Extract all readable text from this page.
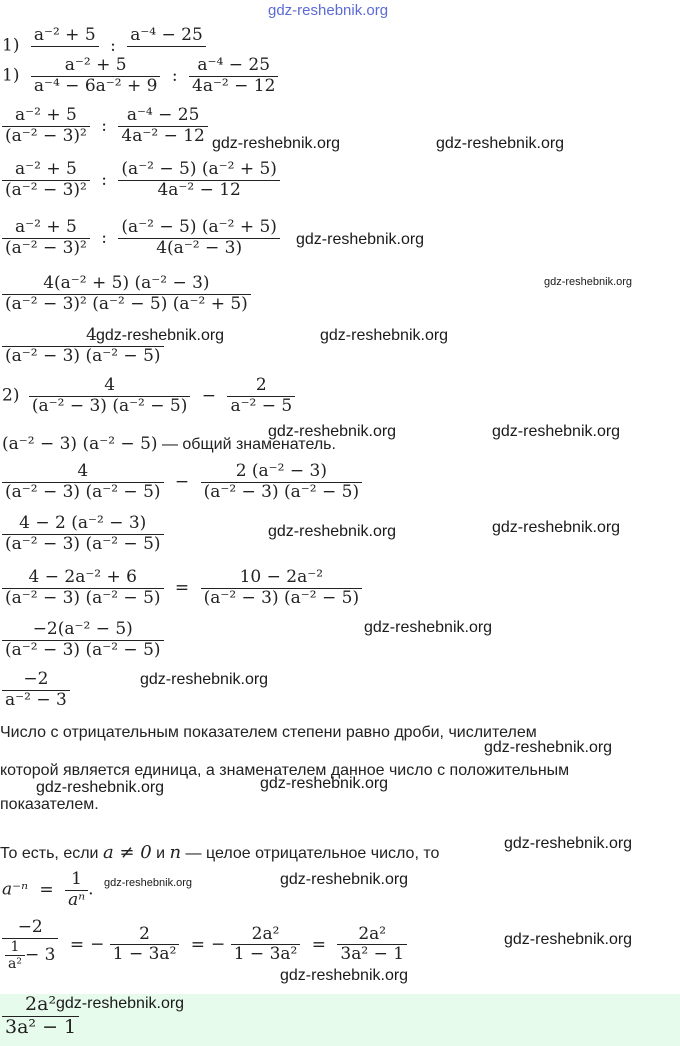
gdz-reshebnik.org
1)
a⁻² + 5

:
a⁻⁴ − 25

$1) \frac{\text{a⁻² + 5}}{\text{a⁻⁴ − 6a⁻² + 9}}$ : $\frac{\text{a⁻⁴ − 25}}{\text{4a⁻² − 12}}$
$\frac{\text{a⁻² + 5}}{\text{(a⁻² − 3)²}}$ : $\frac{\text{a⁻⁴ − 25}}{\text{4a⁻² − 12}}$ gdz-reshebnik.org	gdz-reshebnik.org
$\frac{\text{a⁻² + 5}}{\text{(a⁻² − 3)²}}$ : $\frac{\text{(a⁻² − 5) (a⁻² + 5)}}{\text{4a⁻² − 12}}$
$\frac{\text{a⁻² + 5}}{\text{(a⁻² − 3)²}}$ : $\frac{\text{(a⁻² − 5) (a⁻² + 5)}}{\text{4(a⁻² − 3)}}$ gdz-reshebnik.org
gdz-reshebnik.org
$\frac{\text{4(a⁻² + 5) (a⁻² − 3)}}{\text{(a⁻² − 3)² (a⁻² − 5) (a⁻² + 5)}}$
$\frac{4}{\text{(a⁻² − 3) (a⁻² − 5)}}$
gdz-reshebnik.org	gdz-reshebnik.org
$2) \frac{4}{\text{(a⁻² − 3) (a⁻² − 5)}} - \frac{2}{\text{a⁻² − 5}}$
gdz-reshebnik.org	gdz-reshebnik.org
(a⁻² − 3) (a⁻² − 5) — общий знаменатель.
$\frac{4}{\text{(a⁻² − 3) (a⁻² − 5)}} - \frac{\text{2 (a⁻² − 3)}}{\text{(a⁻² − 3) (a⁻² − 5)}}$
$\frac{\text{4 − 2 (a⁻² − 3)}}{\text{(a⁻² − 3) (a⁻² − 5)}}$	gdz-reshebnik.org	gdz-reshebnik.org
$\frac{\text{4 − 2a⁻² + 6}}{\text{(a⁻² − 3) (a⁻² − 5)}} = \frac{\text{10 − 2a⁻²}}{\text{(a⁻² − 3) (a⁻² − 5)}}$
gdz-reshebnik.org
$\frac{\text{−2(a⁻² − 5)}}{\text{(a⁻² − 3) (a⁻² − 5)}}$
$\frac{-2}{\text{a⁻² − 3}}$	gdz-reshebnik.org
Число с отрицательным показателем степени равно дроби, числителем
gdz-reshebnik.org
которой является единица, а знаменателем данное число с положительным
gdz-reshebnik.org	gdz-reshebnik.org
показателем.
То есть, если a ≠ 0 и n — целое отрицательное число, то
gdz-reshebnik.org
$a^{-n} = \frac{1}{\text{aⁿ}}$ . gdz-reshebnik.org	gdz-reshebnik.org
$\frac{-2}{\frac{1}{\text{a²}} - 3}$ = − $\frac{2}{\text{1 − 3a²}}$ = − $\frac{\text{2a²}}{\text{1 − 3a²}} = \frac{\text{2a²}}{\text{3a² − 1}}$	gdz-reshebnik.org
gdz-reshebnik.org
$\frac{\text{2a²}}{\text{3a² − 1}}$
gdz-reshebnik.org
